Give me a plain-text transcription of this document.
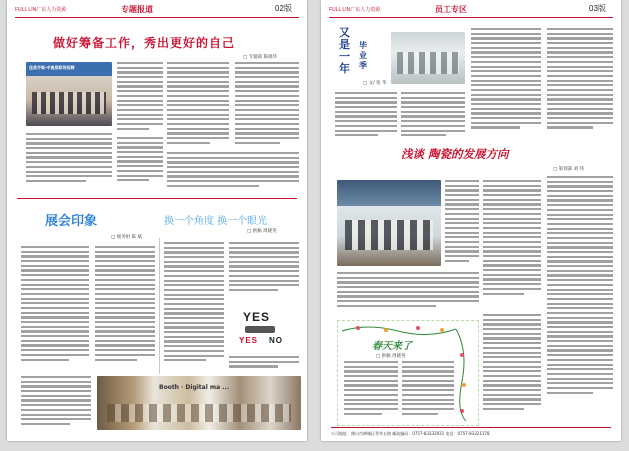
FULL LIN广东人力资源	专题报道	02版
做好筹备工作，秀出更好的自己
□ 专题部 陈晓华
佳美齐聚·中高层职场招聘
展会印象
□ 展务组 陈 斌
换一个角度 换一个眼光
□ 供稿 周晓英
YES
YES NO
Booth · Digital ma ...
FULL LIN广东人力资源	员工专区	03版
又
是
一
年
毕
业
季
□ 文/ 张 华
浅谈 陶瓷的发展方向
□ 策划部 刘 伟
春天来了
□ 供稿 周晓英
公司地址：佛山市禅城区季华五路 邮政编码：0757-83332931 电话：0757-83321178
